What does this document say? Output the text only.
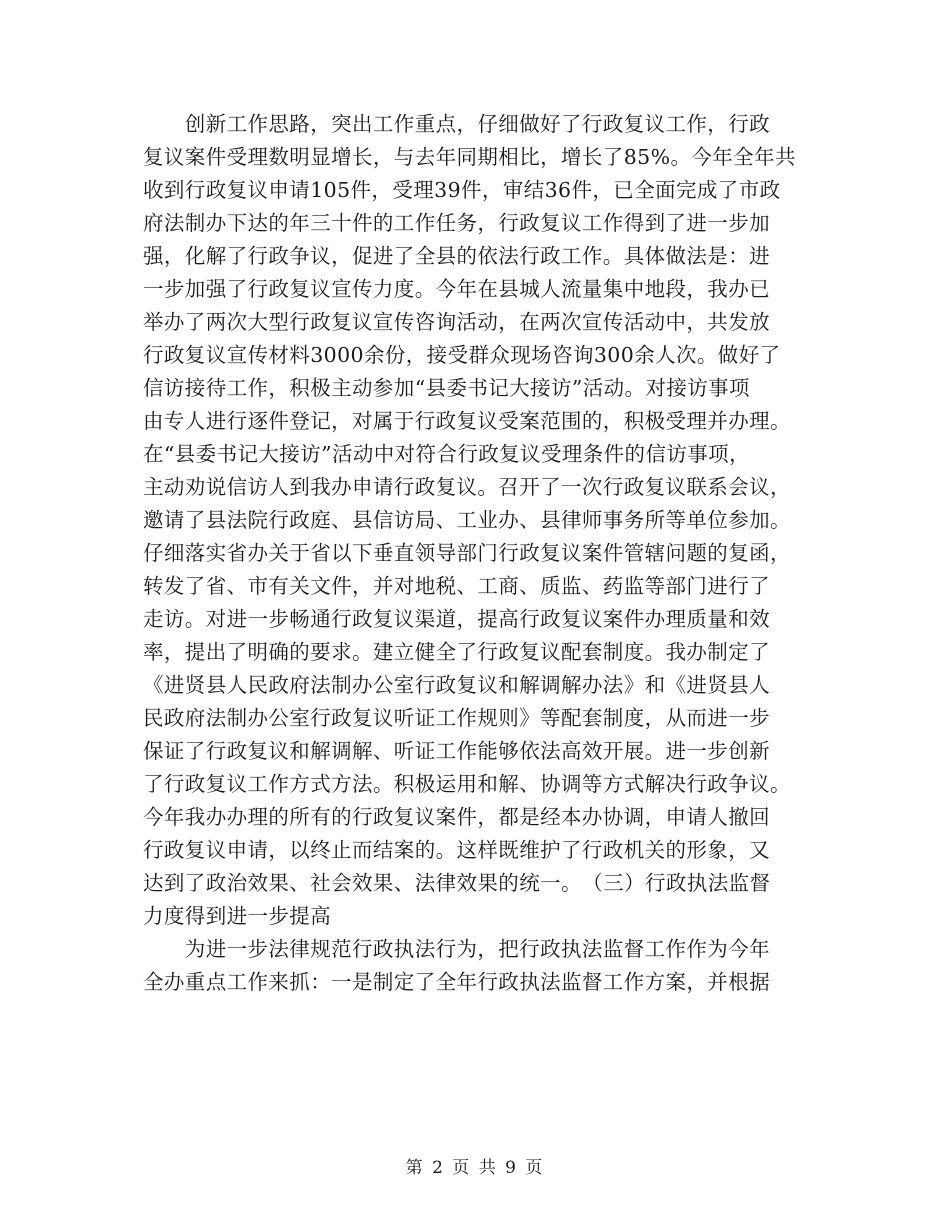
　　创新工作思路，突出工作重点，仔细做好了行政复议工作，行政
复议案件受理数明显增长，与去年同期相比，增长了85%。今年全年共
收到行政复议申请105件，受理39件，审结36件，已全面完成了市政
府法制办下达的年三十件的工作任务，行政复议工作得到了进一步加
强，化解了行政争议，促进了全县的依法行政工作。具体做法是：进
一步加强了行政复议宣传力度。今年在县城人流量集中地段，我办已
举办了两次大型行政复议宣传咨询活动，在两次宣传活动中，共发放
行政复议宣传材料3000余份，接受群众现场咨询300余人次。做好了
信访接待工作，积极主动参加“县委书记大接访”活动。对接访事项
由专人进行逐件登记，对属于行政复议受案范围的，积极受理并办理。
在“县委书记大接访”活动中对符合行政复议受理条件的信访事项，
主动劝说信访人到我办申请行政复议。召开了一次行政复议联系会议，
邀请了县法院行政庭、县信访局、工业办、县律师事务所等单位参加。
仔细落实省办关于省以下垂直领导部门行政复议案件管辖问题的复函，
转发了省、市有关文件，并对地税、工商、质监、药监等部门进行了
走访。对进一步畅通行政复议渠道，提高行政复议案件办理质量和效
率，提出了明确的要求。建立健全了行政复议配套制度。我办制定了
《进贤县人民政府法制办公室行政复议和解调解办法》和《进贤县人
民政府法制办公室行政复议听证工作规则》等配套制度，从而进一步
保证了行政复议和解调解、听证工作能够依法高效开展。进一步创新
了行政复议工作方式方法。积极运用和解、协调等方式解决行政争议。
今年我办办理的所有的行政复议案件，都是经本办协调，申请人撤回
行政复议申请，以终止而结案的。这样既维护了行政机关的形象，又
达到了政治效果、社会效果、法律效果的统一。　（三）行政执法监督
力度得到进一步提高
　　为进一步法律规范行政执法行为，把行政执法监督工作作为今年
全办重点工作来抓：一是制定了全年行政执法监督工作方案，并根据
第 2 页 共 9 页
